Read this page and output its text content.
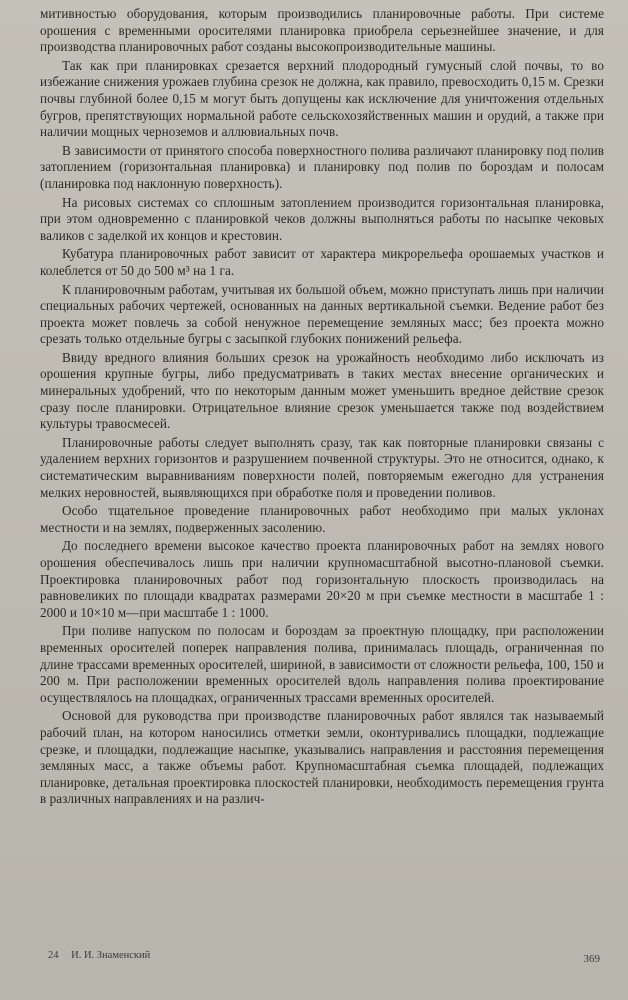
митивностью оборудования, которым производились планировочные работы. При системе орошения с временными оросителями планировка приобрела серьезнейшее значение, и для производства планировочных работ созданы высокопроизводительные машины.

Так как при планировках срезается верхний плодородный гумусный слой почвы, то во избежание снижения урожаев глубина срезок не должна, как правило, превосходить 0,15 м. Срезки почвы глубиной более 0,15 м могут быть допущены как исключение для уничтожения отдельных бугров, препятствующих нормальной работе сельскохозяйственных машин и орудий, а также при наличии мощных черноземов и аллювиальных почв.

В зависимости от принятого способа поверхностного полива различают планировку под полив затоплением (горизонтальная планировка) и планировку под полив по бороздам и полосам (планировка под наклонную поверхность).

На рисовых системах со сплошным затоплением производится горизонтальная планировка, при этом одновременно с планировкой чеков должны выполняться работы по насыпке чековых валиков с заделкой их концов и крестовин.

Кубатура планировочных работ зависит от характера микрорельефа орошаемых участков и колеблется от 50 до 500 м³ на 1 га.

К планировочным работам, учитывая их большой объем, можно приступать лишь при наличии специальных рабочих чертежей, основанных на данных вертикальной съемки. Ведение работ без проекта может повлечь за собой ненужное перемещение земляных масс; без проекта можно срезать только отдельные бугры с засыпкой глубоких понижений рельефа.

Ввиду вредного влияния больших срезок на урожайность необходимо либо исключать из орошения крупные бугры, либо предусматривать в таких местах внесение органических и минеральных удобрений, что по некоторым данным может уменьшить вредное действие срезок сразу после планировки. Отрицательное влияние срезок уменьшается также под воздействием культуры травосмесей.

Планировочные работы следует выполнять сразу, так как повторные планировки связаны с удалением верхних горизонтов и разрушением почвенной структуры. Это не относится, однако, к систематическим выравниваниям поверхности полей, повторяемым ежегодно для устранения мелких неровностей, выявляющихся при обработке поля и проведении поливов.

Особо тщательное проведение планировочных работ необходимо при малых уклонах местности и на землях, подверженных засолению.

До последнего времени высокое качество проекта планировочных работ на землях нового орошения обеспечивалось лишь при наличии крупномасштабной высотно-плановой съемки. Проектировка планировочных работ под горизонтальную плоскость производилась на равновеликих по площади квадратах размерами 20×20 м при съемке местности в масштабе 1 : 2000 и 10×10 м—при масштабе 1 : 1000.

При поливе напуском по полосам и бороздам за проектную площадку, при расположении временных оросителей поперек направления полива, принималась площадь, ограниченная по длине трассами временных оросителей, шириной, в зависимости от сложности рельефа, 100, 150 и 200 м. При расположении временных оросителей вдоль направления полива проектирование осуществлялось на площадках, ограниченных трассами временных оросителей.

Основой для руководства при производстве планировочных работ являлся так называемый рабочий план, на котором наносились отметки земли, оконтуривались площадки, подлежащие срезке, и площадки, подлежащие насыпке, указывались направления и расстояния перемещения земляных масс, а также объемы работ. Крупномасштабная съемка площадей, подлежащих планировке, детальная проектировка плоскостей планировки, необходимость перемещения грунта в различных направлениях и на различ-

24 И. И. Знаменский	369
